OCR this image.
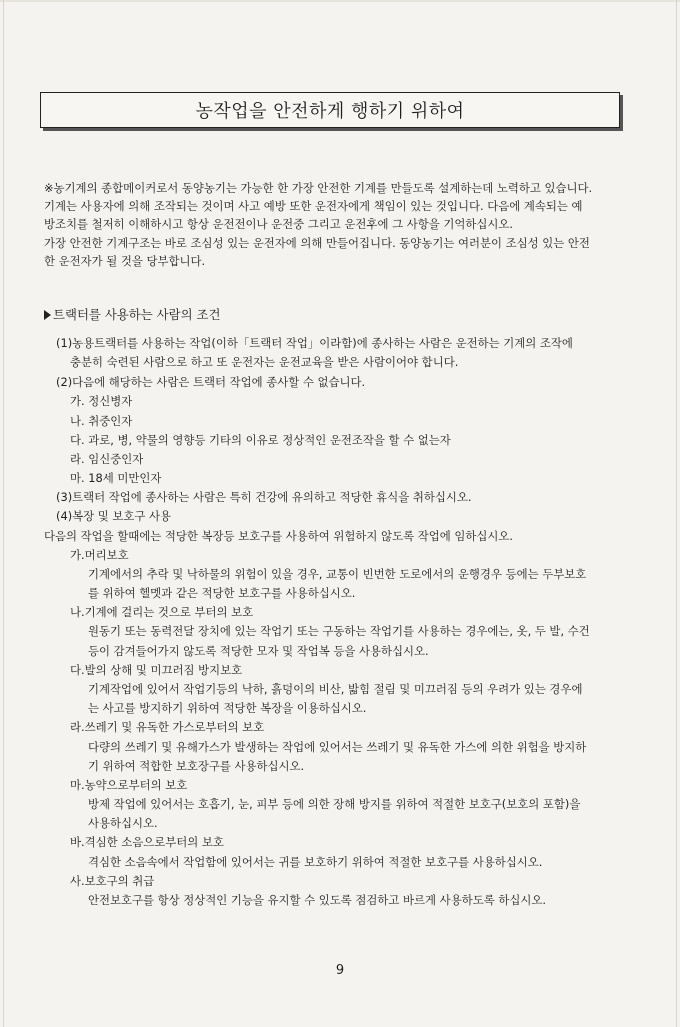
농작업을 안전하게 행하기 위하여
※농기계의 종합메이커로서 동양농기는 가능한 한 가장 안전한 기계를 만들도록 설계하는데 노력하고 있습니다.
기계는 사용자에 의해 조작되는 것이며 사고 예방 또한 운전자에게 책임이 있는 것입니다. 다음에 계속되는 예
방조치를 철저히 이해하시고 항상 운전전이나 운전중 그리고 운전후에 그 사항을 기억하십시오.
가장 안전한 기계구조는 바로 조심성 있는 운전자에 의해 만들어집니다. 동양농기는 여러분이 조심성 있는 안전
한 운전자가 될 것을 당부합니다.
트랙터를 사용하는 사람의 조건
(1)농용트랙터를 사용하는 작업(이하「트랙터 작업」이라함)에 종사하는 사람은 운전하는 기계의 조작에
충분히 숙련된 사람으로 하고 또 운전자는 운전교육을 받은 사람이어야 합니다.
(2)다음에 해당하는 사람은 트랙터 작업에 종사할 수 없습니다.
가. 정신병자
나. 취중인자
다. 과로, 병, 약물의 영향등 기타의 이유로 정상적인 운전조작을 할 수 없는자
라. 임신중인자
마. 18세 미만인자
(3)트랙터 작업에 종사하는 사람은 특히 건강에 유의하고 적당한 휴식을 취하십시오.
(4)복장 및 보호구 사용
다음의 작업을 할때에는 적당한 복장등 보호구를 사용하여 위험하지 않도록 작업에 임하십시오.
가.머리보호
기계에서의 추락 및 낙하물의 위험이 있을 경우, 교통이 빈번한 도로에서의 운행경우 등에는 두부보호
를 위하여 헬멧과 같은 적당한 보호구를 사용하십시오.
나.기계에 걸리는 것으로 부터의 보호
원동기 또는 동력전달 장치에 있는 작업기 또는 구동하는 작업기를 사용하는 경우에는, 옷, 두 발, 수건
등이 감겨들어가지 않도록 적당한 모자 및 작업복 등을 사용하십시오.
다.발의 상해 및 미끄러짐 방지보호
기계작업에 있어서 작업기등의 낙하, 흙덩이의 비산, 밟힘 절림 및 미끄러짐 등의 우려가 있는 경우에
는 사고를 방지하기 위하여 적당한 복장을 이용하십시오.
라.쓰레기 및 유독한 가스로부터의 보호
다량의 쓰레기 및 유해가스가 발생하는 작업에 있어서는 쓰레기 및 유독한 가스에 의한 위험을 방지하
기 위하여 적합한 보호장구를 사용하십시오.
마.농약으로부터의 보호
방제 작업에 있어서는 호흡기, 눈, 피부 등에 의한 장해 방지를 위하여 적절한 보호구(보호의 포함)을
사용하십시오.
바.격심한 소음으로부터의 보호
격심한 소음속에서 작업함에 있어서는 귀를 보호하기 위하여 적절한 보호구를 사용하십시오.
사.보호구의 취급
안전보호구를 항상 정상적인 기능을 유지할 수 있도록 점검하고 바르게 사용하도록 하십시오.
9
